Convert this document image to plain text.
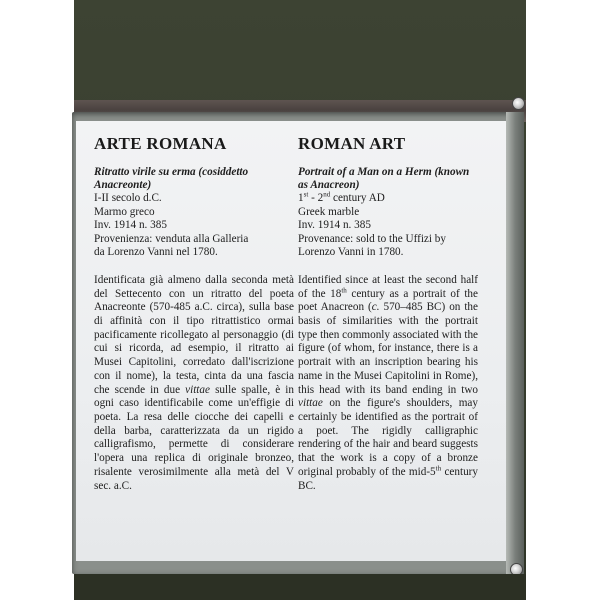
ARTE ROMANA

Ritratto virile su erma (cosiddetto Anacreonte)

I-II secolo d.C.

Marmo greco

Inv. 1914 n. 385

Provenienza: venduta alla Galleria

da Lorenzo Vanni nel 1780.

Identificata già almeno dalla seconda metà del Settecento con un ritratto del poeta Anacreonte (570-485 a.C. circa), sulla base di affinità con il tipo ritrattistico ormai pacificamente ricollegato al personaggio (di cui si ricorda, ad esempio, il ritratto ai Musei Capitolini, corredato dall'iscrizione con il nome), la testa, cinta da una fascia che scende in due vittae sulle spalle, è in ogni caso identificabile come un'effigie di poeta. La resa delle ciocche dei capelli e della barba, caratterizzata da un rigido calligrafismo, permette di considerare l'opera una replica di originale bronzeo, risalente verosimilmente alla metà del V sec. a.C.

ROMAN ART

Portrait of a Man on a Herm (known as Anacreon)

1st - 2nd century AD

Greek marble

Inv. 1914 n. 385

Provenance: sold to the Uffizi by

Lorenzo Vanni in 1780.

Identified since at least the second half of the 18th century as a portrait of the poet Anacreon (c. 570–485 BC) on the basis of similarities with the portrait type then commonly associated with the figure (of whom, for instance, there is a portrait with an inscription bearing his name in the Musei Capitolini in Rome), this head with its band ending in two vittae on the figure's shoulders, may certainly be identified as the portrait of a poet. The rigidly calligraphic rendering of the hair and beard suggests that the work is a copy of a bronze original probably of the mid-5th century BC.
